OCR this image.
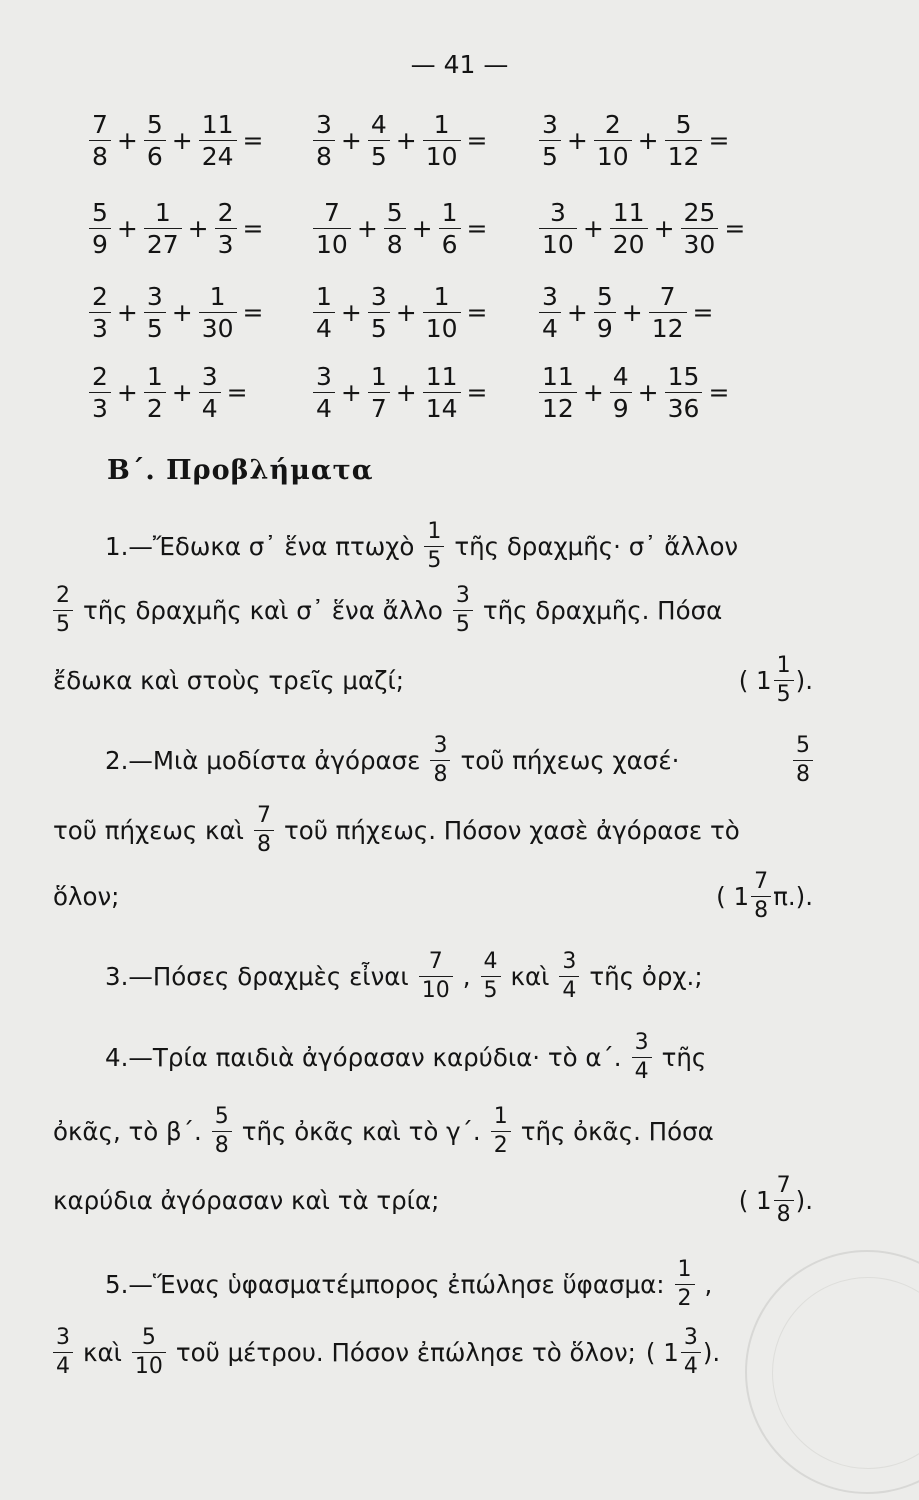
— 41 —
$\frac{7}{8} + \frac{5}{6} + \frac{11}{24} = \frac{3}{8} + \frac{4}{5} + \frac{1}{10} = \frac{3}{5} + \frac{2}{10} + \frac{5}{12}$ =
$\frac{5}{9} + \frac{1}{27} + \frac{2}{3} = \frac{7}{10} + \frac{5}{8} + \frac{1}{6} = \frac{3}{10} + \frac{11}{20} + \frac{25}{30}$ =
$\frac{2}{3} + \frac{3}{5} + \frac{1}{30} = \frac{1}{4} + \frac{3}{5} + \frac{1}{10} = \frac{3}{4} + \frac{5}{9} + \frac{7}{12}$ =
$\frac{2}{3} + \frac{1}{2} + \frac{3}{4}$ =	$\frac{3}{4} + \frac{1}{7} + \frac{11}{14} = \frac{11}{12} + \frac{4}{9} + \frac{15}{36}$ =
Β΄. Προβλήματα
1.—Ἔδωκα σ᾽ ἕνα πτωχὸ $\frac{1}{5}$ τῆς δραχμῆς· σ᾽ ἄλλον
$\frac{2}{5}$ τῆς δραχμῆς καὶ σ᾽ ἕνα ἄλλο $\frac{3}{5}$ τῆς δραχμῆς. Πόσα
ἔδωκα καὶ στοὺς τρεῖς μαζί;	( $1 \frac{1}{5}$ ).
2.—Μιὰ μοδίστα ἀγόρασε $\frac{3}{8}$ τοῦ πήχεως χασέ·	$\frac{5}{8}$
τοῦ πήχεως καὶ $\frac{7}{8}$ τοῦ πήχεως. Πόσον χασὲ ἀγόρασε τὸ
ὅλον;	( $1 \frac{7}{8} \pi$.).
3.—Πόσες δραχμὲς εἶναι $\frac{7}{10}$ , $\frac{4}{5}$ καὶ $\frac{3}{4}$ τῆς ὀρχ.;
4.—Τρία παιδιὰ ἀγόρασαν καρύδια· τὸ α΄. $\frac{3}{4}$ τῆς
ὀκᾶς, τὸ β΄. $\frac{5}{8}$ τῆς ὀκᾶς καὶ τὸ γ΄. $\frac{1}{2}$ τῆς ὀκᾶς. Πόσα
καρύδια ἀγόρασαν καὶ τὰ τρία;	( $1 \frac{7}{8}$ ).
5.—Ἕνας ὑφασματέμπορος ἐπώλησε ὕφασμα: $\frac{1}{2}$ ,
$\frac{3}{4}$ καὶ $\frac{5}{10}$ τοῦ μέτρου. Πόσον ἐπώλησε τὸ ὅλον; ( $1 \frac{3}{4}$ ).
